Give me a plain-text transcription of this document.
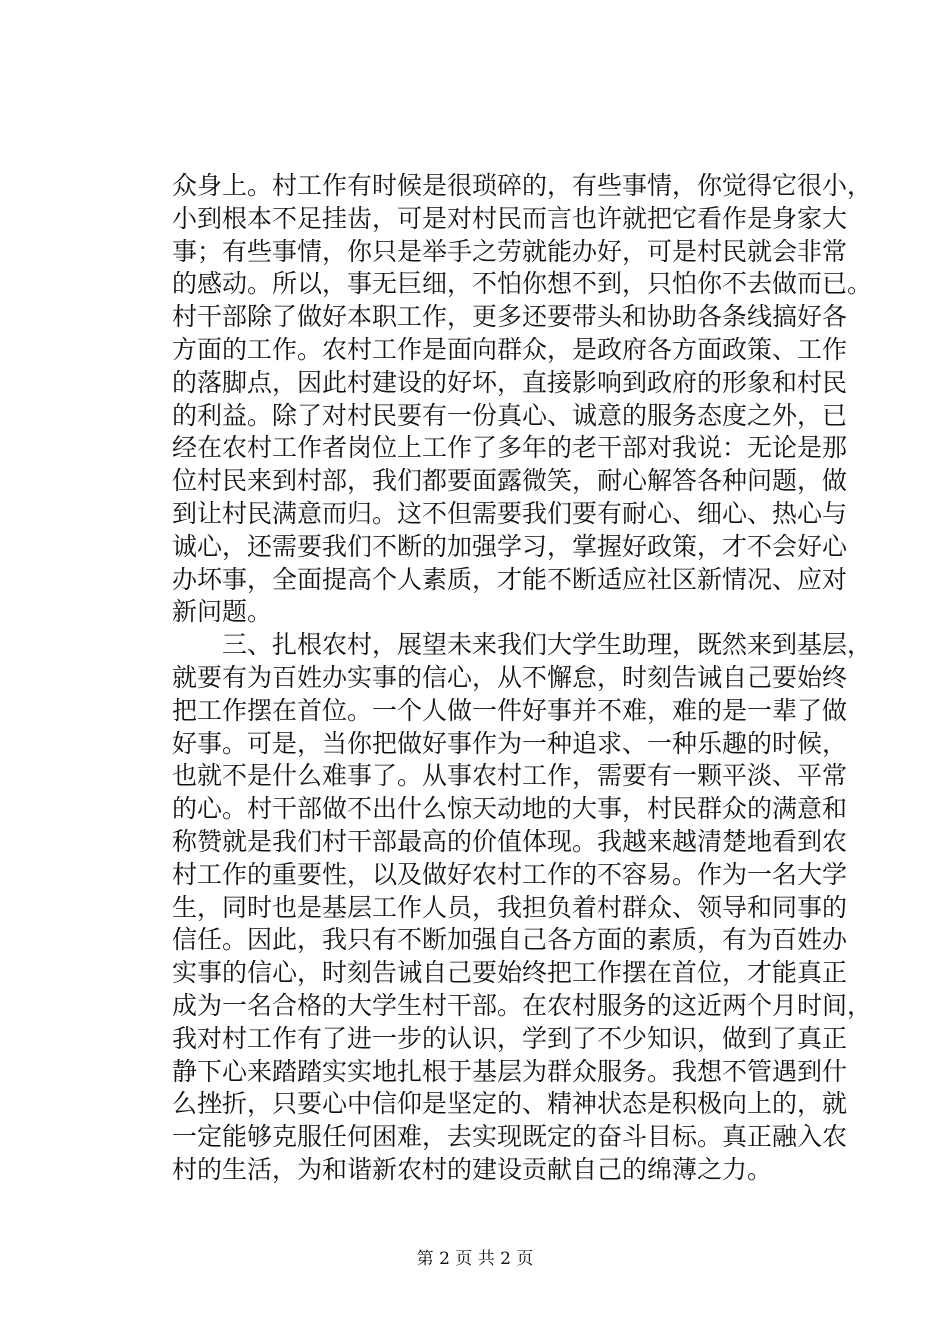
众身上。村工作有时候是很琐碎的，有些事情，你觉得它很小，
小到根本不足挂齿，可是对村民而言也许就把它看作是身家大
事；有些事情，你只是举手之劳就能办好，可是村民就会非常
的感动。所以，事无巨细，不怕你想不到，只怕你不去做而已。
村干部除了做好本职工作，更多还要带头和协助各条线搞好各
方面的工作。农村工作是面向群众，是政府各方面政策、工作
的落脚点，因此村建设的好坏，直接影响到政府的形象和村民
的利益。除了对村民要有一份真心、诚意的服务态度之外，已
经在农村工作者岗位上工作了多年的老干部对我说：无论是那
位村民来到村部，我们都要面露微笑，耐心解答各种问题，做
到让村民满意而归。这不但需要我们要有耐心、细心、热心与
诚心，还需要我们不断的加强学习，掌握好政策，才不会好心
办坏事，全面提高个人素质，才能不断适应社区新情况、应对
新问题。
　　三、扎根农村，展望未来我们大学生助理，既然来到基层，
就要有为百姓办实事的信心，从不懈怠，时刻告诫自己要始终
把工作摆在首位。一个人做一件好事并不难，难的是一辈了做
好事。可是，当你把做好事作为一种追求、一种乐趣的时候，
也就不是什么难事了。从事农村工作，需要有一颗平淡、平常
的心。村干部做不出什么惊天动地的大事，村民群众的满意和
称赞就是我们村干部最高的价值体现。我越来越清楚地看到农
村工作的重要性，以及做好农村工作的不容易。作为一名大学
生，同时也是基层工作人员，我担负着村群众、领导和同事的
信任。因此，我只有不断加强自己各方面的素质，有为百姓办
实事的信心，时刻告诫自己要始终把工作摆在首位，才能真正
成为一名合格的大学生村干部。在农村服务的这近两个月时间，
我对村工作有了进一步的认识，学到了不少知识，做到了真正
静下心来踏踏实实地扎根于基层为群众服务。我想不管遇到什
么挫折，只要心中信仰是坚定的、精神状态是积极向上的，就
一定能够克服任何困难，去实现既定的奋斗目标。真正融入农
村的生活，为和谐新农村的建设贡献自己的绵薄之力。
第 2 页 共 2 页
